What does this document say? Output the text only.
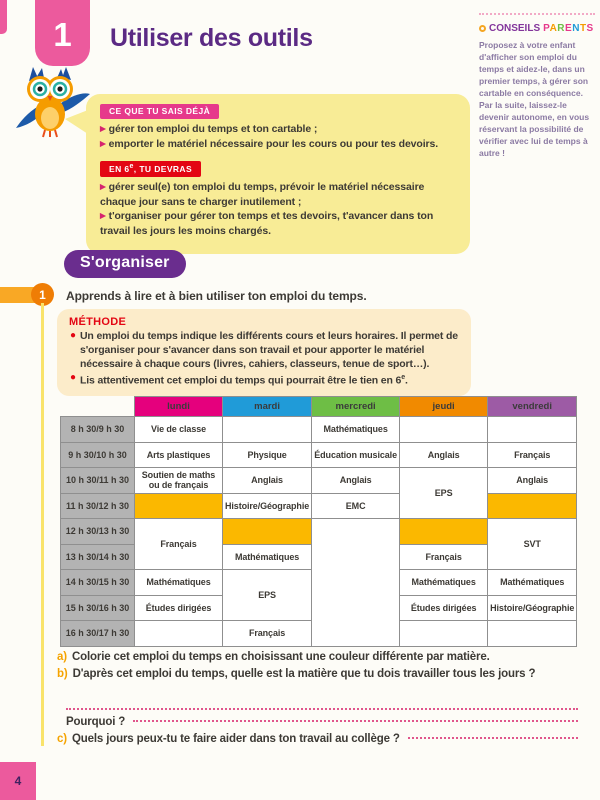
1 Utiliser des outils	CONSEILS PARENTS

Proposez à votre enfant d'afficher son emploi du temps et aidez-le, dans un premier temps, à gérer son cartable en conséquence. Par la suite, laissez-le devenir autonome, en vous réservant la possibilité de vérifier avec lui de temps à autre !

CE QUE TU SAIS DÉJÀ
▶ gérer ton emploi du temps et ton cartable ;
▶ emporter le matériel nécessaire pour les cours ou pour tes devoirs.
EN 6e, TU DEVRAS
▶ gérer seul(e) ton emploi du temps, prévoir le matériel nécessaire chaque jour sans te charger inutilement ;
▶ t'organiser pour gérer ton temps et tes devoirs, t'avancer dans ton travail les jours les moins chargés.
S'organiser
1	Apprends à lire et à bien utiliser ton emploi du temps.

MÉTHODE
● Un emploi du temps indique les différents cours et leurs horaires. Il permet de s'organiser pour s'avancer dans son travail et pour apporter le matériel nécessaire à chaque cours (livres, cahiers, classeurs, tenue de sport…).
● Lis attentivement cet emploi du temps qui pourrait être le tien en 6e.
	lundi	mardi	mercredi	jeudi	vendredi
8 h 30/9 h 30	Vie de classe		Mathématiques		
9 h 30/10 h 30	Arts plastiques	Physique	Éducation musicale	Anglais	Français
10 h 30/11 h 30	Soutien de maths ou de français	Anglais	Anglais	EPS	Anglais
11 h 30/12 h 30		Histoire/Géographie	EMC		
12 h 30/13 h 30	Français				SVT
13 h 30/14 h 30		Mathématiques		Français	
14 h 30/15 h 30	Mathématiques	EPS		Mathématiques	Mathématiques
15 h 30/16 h 30	Études dirigées			Études dirigées	Histoire/Géographie
16 h 30/17 h 30		Français			
a) Colorie cet emploi du temps en choisissant une couleur différente par matière.
b) D'après cet emploi du temps, quelle est la matière que tu dois travailler tous les jours ?
Pourquoi ?
c) Quels jours peux-tu te faire aider dans ton travail au collège ?
4
